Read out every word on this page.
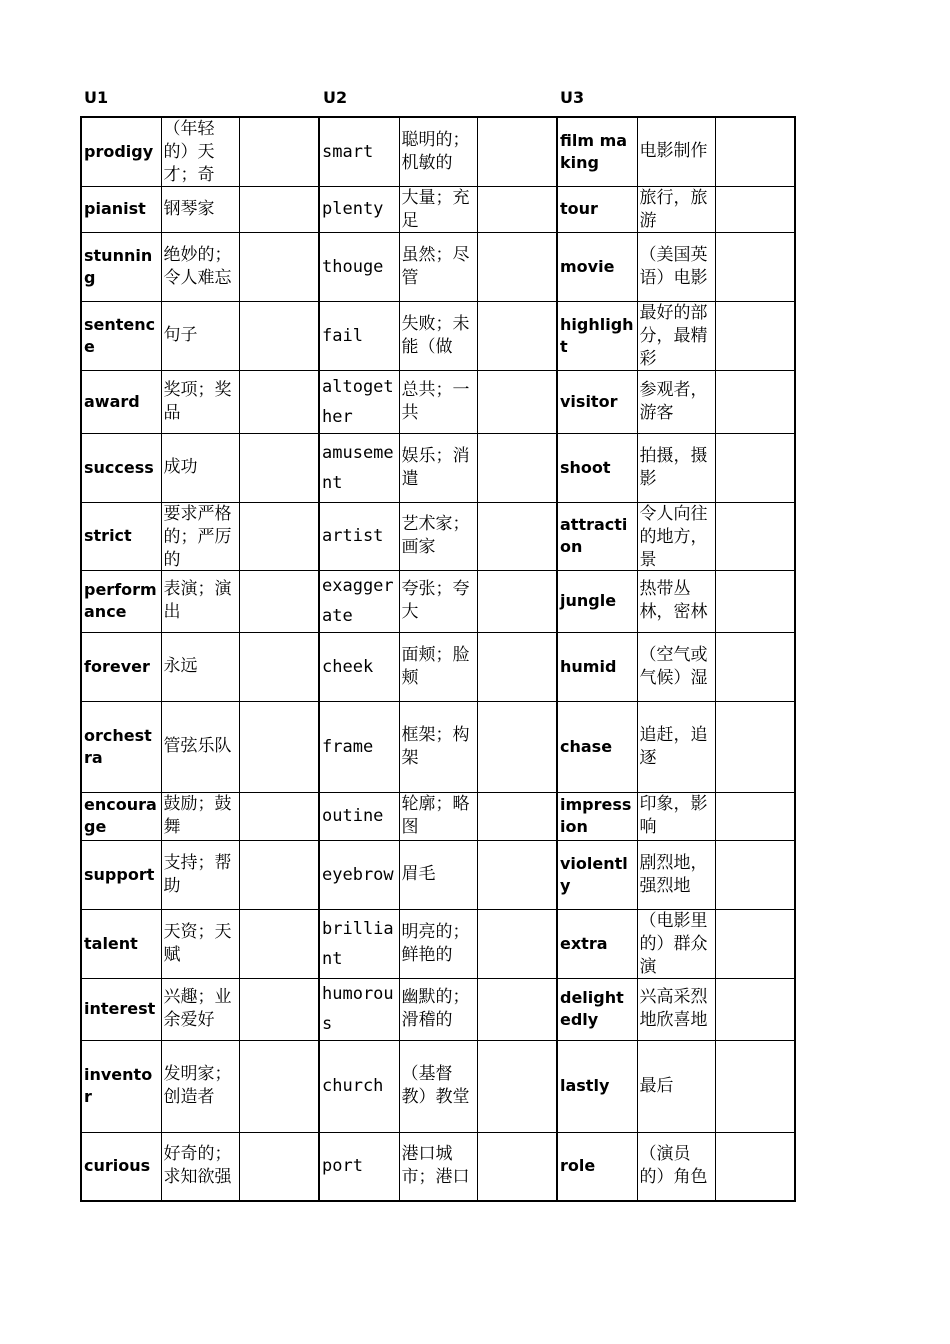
U1	U2	U3
prodigy	（年轻的）天才；奇		smart	聪明的；机敏的		film making	电影制作	

pianist	钢琴家		plenty	大量；充足		tour	旅行，旅游	

stunning	绝妙的；令人难忘		thouge	虽然；尽管		movie	（美国英语）电影	

sentence	句子		fail	失败；未能（做		highlight	最好的部分，最精彩	

award	奖项；奖品		altogether	总共；一共		visitor	参观者，游客	

success	成功		amusement	娱乐；消遣		shoot	拍摄，摄影	

strict	要求严格的；严厉的		artist	艺术家；画家		attraction	令人向往的地方，景	

performance	表演；演出		exaggerate	夸张；夸大		jungle	热带丛林，密林	

forever	永远		cheek	面颊；脸颊		humid	（空气或气候）湿	

orchestra	管弦乐队		frame	框架；构架		chase	追赶，追逐	

encourage	鼓励；鼓舞		outine	轮廓；略图		impression	印象，影响	

support	支持；帮助		eyebrow	眉毛		violently	剧烈地，强烈地	

talent	天资；天赋		brilliant	明亮的；鲜艳的		extra	（电影里的）群众演	

interest	兴趣；业余爱好		humorous	幽默的；滑稽的		delightedly	兴高采烈地欣喜地	

inventor	发明家；创造者		church	（基督教）教堂		lastly	最后	

curious	好奇的；求知欲强		port	港口城市；港口		role	（演员的）角色	
